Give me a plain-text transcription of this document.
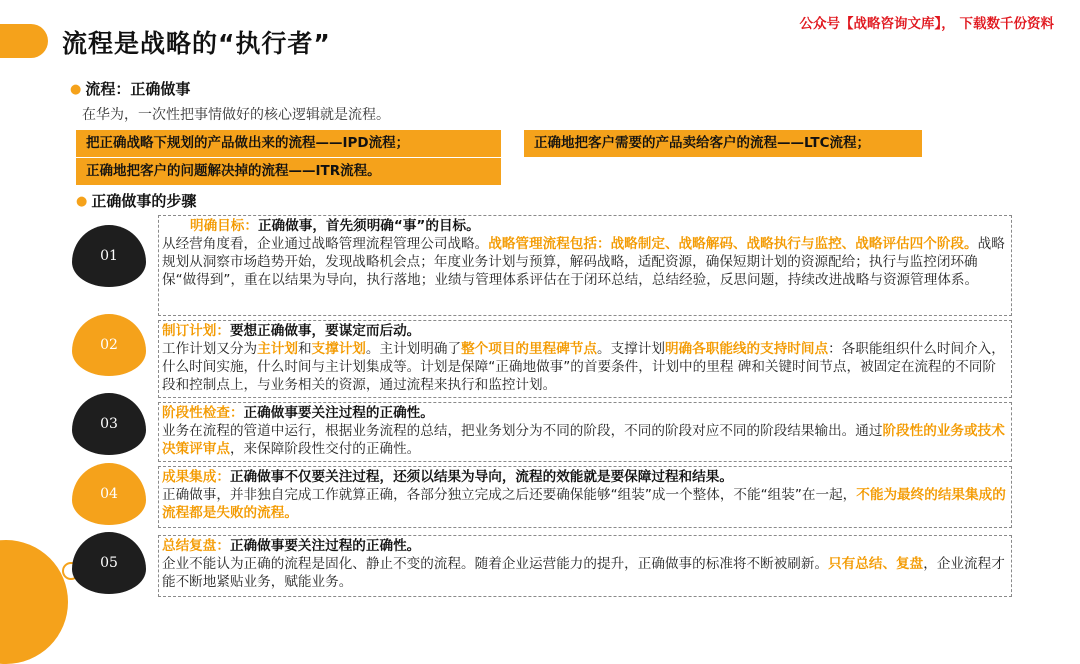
流程是战略的“执行者”
公众号【战略咨询文库】， 下载数千份资料
● 流程：正确做事
在华为，一次性把事情做好的核心逻辑就是流程。
把正确战略下规划的产品做出来的流程——IPD流程；	正确地把客户需要的产品卖给客户的流程——LTC流程；
正确地把客户的问题解决掉的流程——ITR流程。
● 正确做事的步骤
01
明确目标：正确做事，首先须明确“事”的目标。
从经营角度看，企业通过战略管理流程管理公司战略。战略管理流程包括：战略制定、战略解码、战略执行与监控、战略评估四个阶段。战略规划从洞察市场趋势开始，发现战略机会点；年度业务计划与预算，解码战略，适配资源，确保短期计划的资源配给；执行与监控闭环确保“做得到”，重在以结果为导向，执行落地；业绩与管理体系评估在于闭环总结，总结经验，反思问题，持续改进战略与资源管理体系。
02
制订计划：要想正确做事，要谋定而后动。
工作计划又分为主计划和支撑计划。主计划明确了整个项目的里程碑节点。支撑计划明确各职能线的支持时间点：各职能组织什么时间介入，什么时间实施，什么时间与主计划集成等。计划是保障“正确地做事”的首要条件，计划中的里程 碑和关键时间节点，被固定在流程的不同阶段和控制点上，与业务相关的资源，通过流程来执行和监控计划。
03
阶段性检查：正确做事要关注过程的正确性。
业务在流程的管道中运行，根据业务流程的总结，把业务划分为不同的阶段，不同的阶段对应不同的阶段结果输出。通过阶段性的业务或技术决策评审点，来保障阶段性交付的正确性。
04
成果集成：正确做事不仅要关注过程，还须以结果为导向，流程的效能就是要保障过程和结果。
正确做事，并非独自完成工作就算正确，各部分独立完成之后还要确保能够“组装”成一个整体，不能“组装”在一起，不能为最终的结果集成的流程都是失败的流程。
05
总结复盘：正确做事要关注过程的正确性。
企业不能认为正确的流程是固化、静止不变的流程。随着企业运营能力的提升，正确做事的标准将不断被刷新。只有总结、复盘，企业流程才能不断地紧贴业务，赋能业务。
